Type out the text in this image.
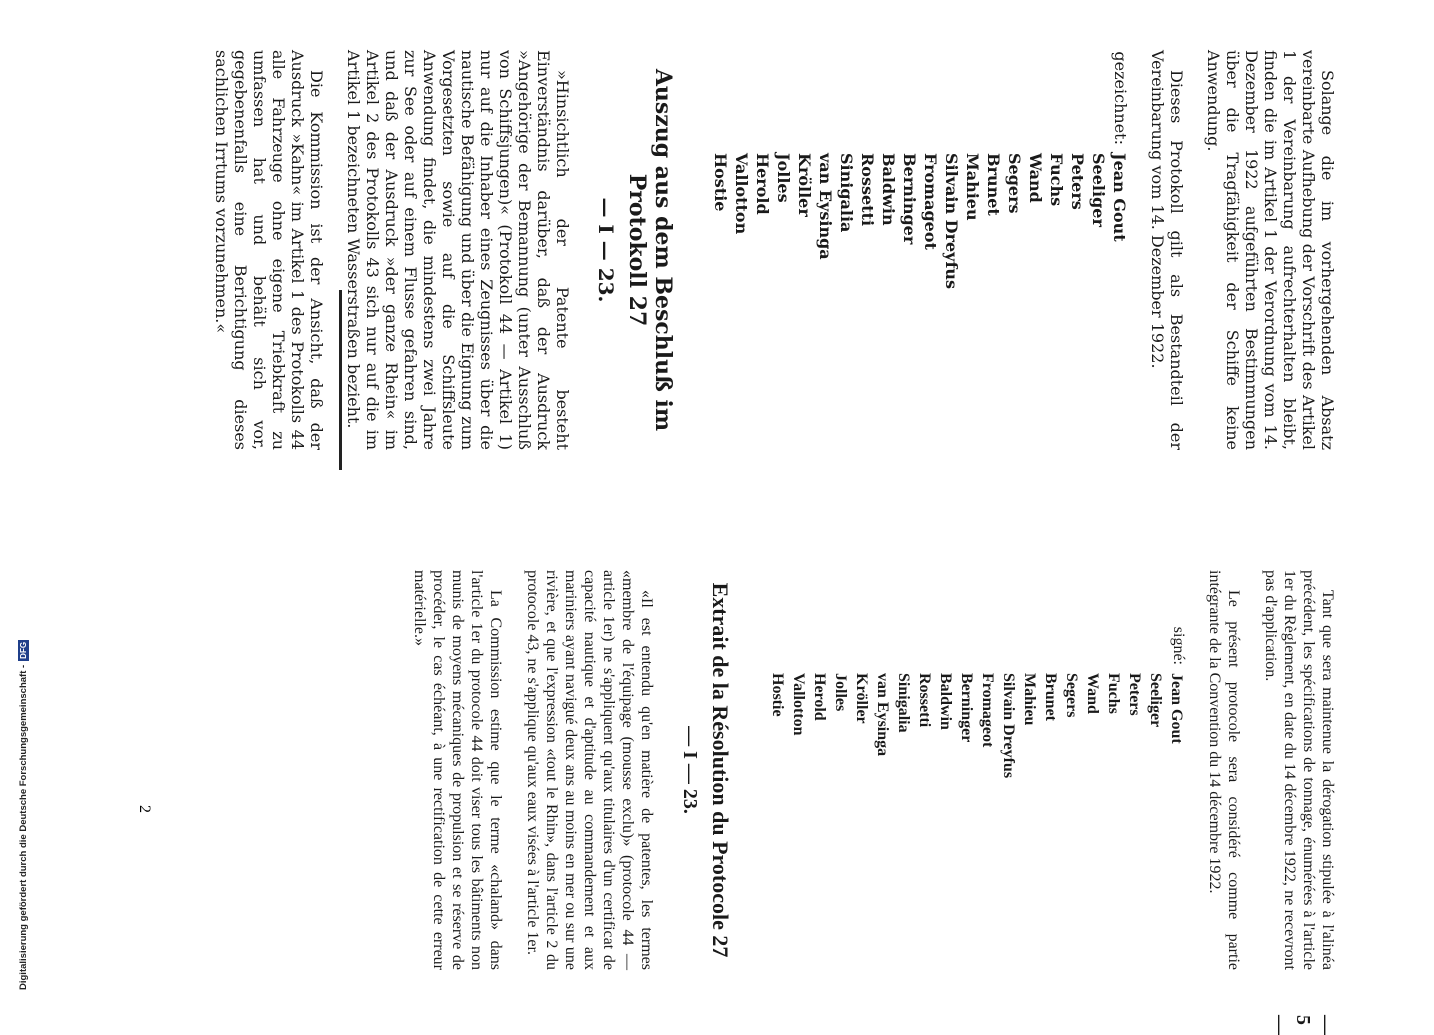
— 5 —

Solange die im vorhergehenden Absatz vereinbarte Aufhebung der Vorschrift des Artikel 1 der Vereinbarung aufrechterhalten bleibt, finden die im Artikel 1 der Verordnung vom 14. Dezember 1922 aufgeführten Bestimmungen über die Tragfähigkeit der Schiffe keine Anwendung.

Dieses Protokoll gilt als Bestandteil der Vereinbarung vom 14. Dezember 1922.

gezeichnet:
Jean Gout
Seeliger
Peters
Fuchs
Wand
Segers
Brunet
Mahieu
Silvain Dreyfus
Fromageot
Berninger
Baldwin
Rossetti
Sinigalia
van Eysinga
Kröller
Jolles
Herold
Vallotton
Hostie
Auszug aus dem Beschluß im Protokoll 27
— I — 23.

»Hinsichtlich der Patente besteht Einverständnis darüber, daß der Ausdruck »Angehörige der Bemannung (unter Ausschluß von Schiffsjungen)« (Protokoll 44 — Artikel 1) nur auf die Inhaber eines Zeugnisses über die nautische Befähigung und über die Eignung zum Vorgesetzten sowie auf die Schiffsleute Anwendung findet, die mindestens zwei Jahre zur See oder auf einem Flusse gefahren sind, und daß der Ausdruck »der ganze Rhein« im Artikel 2 des Protokolls 43 sich nur auf die im Artikel 1 bezeichneten Wasserstraßen bezieht.

Die Kommission ist der Ansicht, daß der Ausdruck »Kahn« im Artikel 1 des Protokolls 44 alle Fahrzeuge ohne eigene Triebkraft zu umfassen hat und behält sich vor, gegebenenfalls eine Berichtigung dieses sachlichen Irrtums vorzunehmen.«

Tant que sera maintenue la dérogation stipulée à l'alinéa précédent, les spécifications de tonnage, énumérées à l'article 1er du Règlement, en date du 14 décembre 1922, ne recevront pas d'application.

Le présent protocole sera considéré comme partie intégrante de la Convention du 14 décembre 1922.

signé:
Jean Gout
Seeliger
Peters
Fuchs
Wand
Segers
Brunet
Mahieu
Silvain Dreyfus
Fromageot
Berninger
Baldwin
Rossetti
Sinigalia
van Eysinga
Kröller
Jolles
Herold
Vallotton
Hostie
Extrait de la Résolution du Protocole 27
— I — 23.

«Il est entendu qu'en matière de patentes, les termes «membre de l'équipage (mousse exclu)» (protocole 44 — article 1er) ne s'appliquent qu'aux titulaires d'un certificat de capacité nautique et d'aptitude au commandement et aux mariniers ayant navigué deux ans au moins en mer ou sur une rivière, et que l'expression «tout le Rhin», dans l'article 2 du protocole 43, ne s'applique qu'aux eaux visées à l'article 1er.

La Commission estime que le terme «chaland» dans l'article 1er du protocole 44 doit viser tous les bâtiments non munis de moyens mécaniques de propulsion et se réserve de procéder, le cas échéant, à une rectification de cette erreur matérielle.»

2
Digitalisierung gefördert durch die Deutsche Forschungsgemeinschaft -
DFG
